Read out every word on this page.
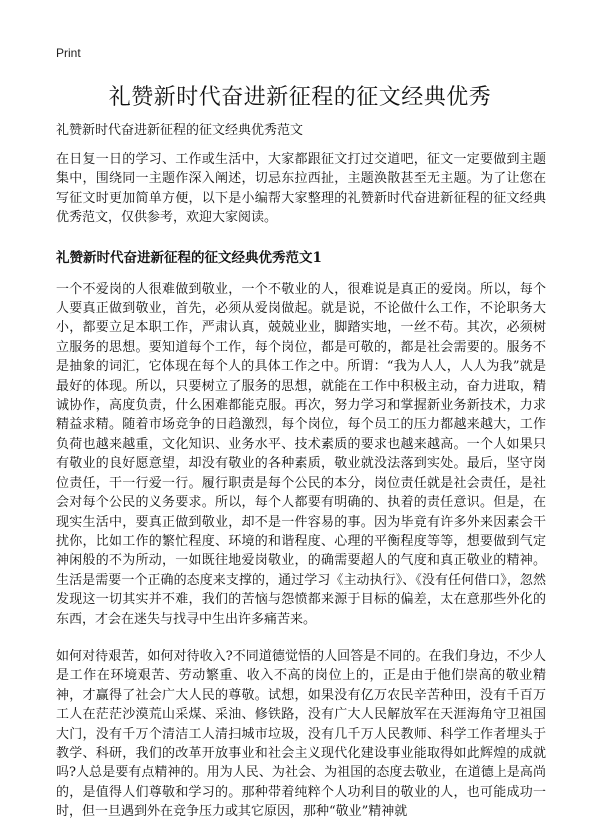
Print
礼赞新时代奋进新征程的征文经典优秀

礼赞新时代奋进新征程的征文经典优秀范文

在日复一日的学习、工作或生活中，大家都跟征文打过交道吧，征文一定要做到主题集中，围绕同一主题作深入阐述，切忌东拉西扯，主题涣散甚至无主题。为了让您在写征文时更加简单方便，以下是小编帮大家整理的礼赞新时代奋进新征程的征文经典优秀范文，仅供参考，欢迎大家阅读。

礼赞新时代奋进新征程的征文经典优秀范文1

一个不爱岗的人很难做到敬业，一个不敬业的人，很难说是真正的爱岗。所以，每个人要真正做到敬业，首先，必须从爱岗做起。就是说，不论做什么工作，不论职务大小，都要立足本职工作，严肃认真，兢兢业业，脚踏实地，一丝不苟。其次，必须树立服务的思想。要知道每个工作，每个岗位，都是可敬的，都是社会需要的。服务不是抽象的词汇，它体现在每个人的具体工作之中。所谓：“我为人人，人人为我”就是最好的体现。所以，只要树立了服务的思想，就能在工作中积极主动，奋力进取，精诚协作，高度负责，什么困难都能克服。再次，努力学习和掌握新业务新技术，力求精益求精。随着市场竞争的日趋激烈，每个岗位，每个员工的压力都越来越大，工作负荷也越来越重，文化知识、业务水平、技术素质的要求也越来越高。一个人如果只有敬业的良好愿意望，却没有敬业的各种素质，敬业就没法落到实处。最后，坚守岗位责任，干一行爱一行。履行职责是每个公民的本分，岗位责任就是社会责任，是社会对每个公民的义务要求。所以，每个人都要有明确的、执着的责任意识。但是，在现实生活中，要真正做到敬业，却不是一件容易的事。因为毕竟有许多外来因素会干扰你，比如工作的繁忙程度、环境的和谐程度、心理的平衡程度等等，想要做到气定神闲般的不为所动，一如既往地爱岗敬业，的确需要超人的气度和真正敬业的精神。生活是需要一个正确的态度来支撑的，通过学习《主动执行》、《没有任何借口》，忽然发现这一切其实并不难，我们的苦恼与怨愤都来源于目标的偏差，太在意那些外化的东西，才会在迷失与找寻中生出许多痛苦来。

如何对待艰苦，如何对待收入?不同道德觉悟的人回答是不同的。在我们身边，不少人是工作在环境艰苦、劳动繁重、收入不高的岗位上的，正是由于他们崇高的敬业精神，才赢得了社会广大人民的尊敬。试想，如果没有亿万农民辛苦种田，没有千百万工人在茫茫沙漠荒山采煤、采油、修铁路，没有广大人民解放军在天涯海角守卫祖国大门，没有千万个清洁工人清扫城市垃圾，没有几千万人民教师、科学工作者埋头于教学、科研，我们的改革开放事业和社会主义现代化建设事业能取得如此辉煌的成就吗?人总是要有点精神的。用为人民、为社会、为祖国的态度去敬业，在道德上是高尚的，是值得人们尊敬和学习的。那种带着纯粹个人功利目的敬业的人，也可能成功一时，但一旦遇到外在竞争压力或其它原因，那种“敬业”精神就
